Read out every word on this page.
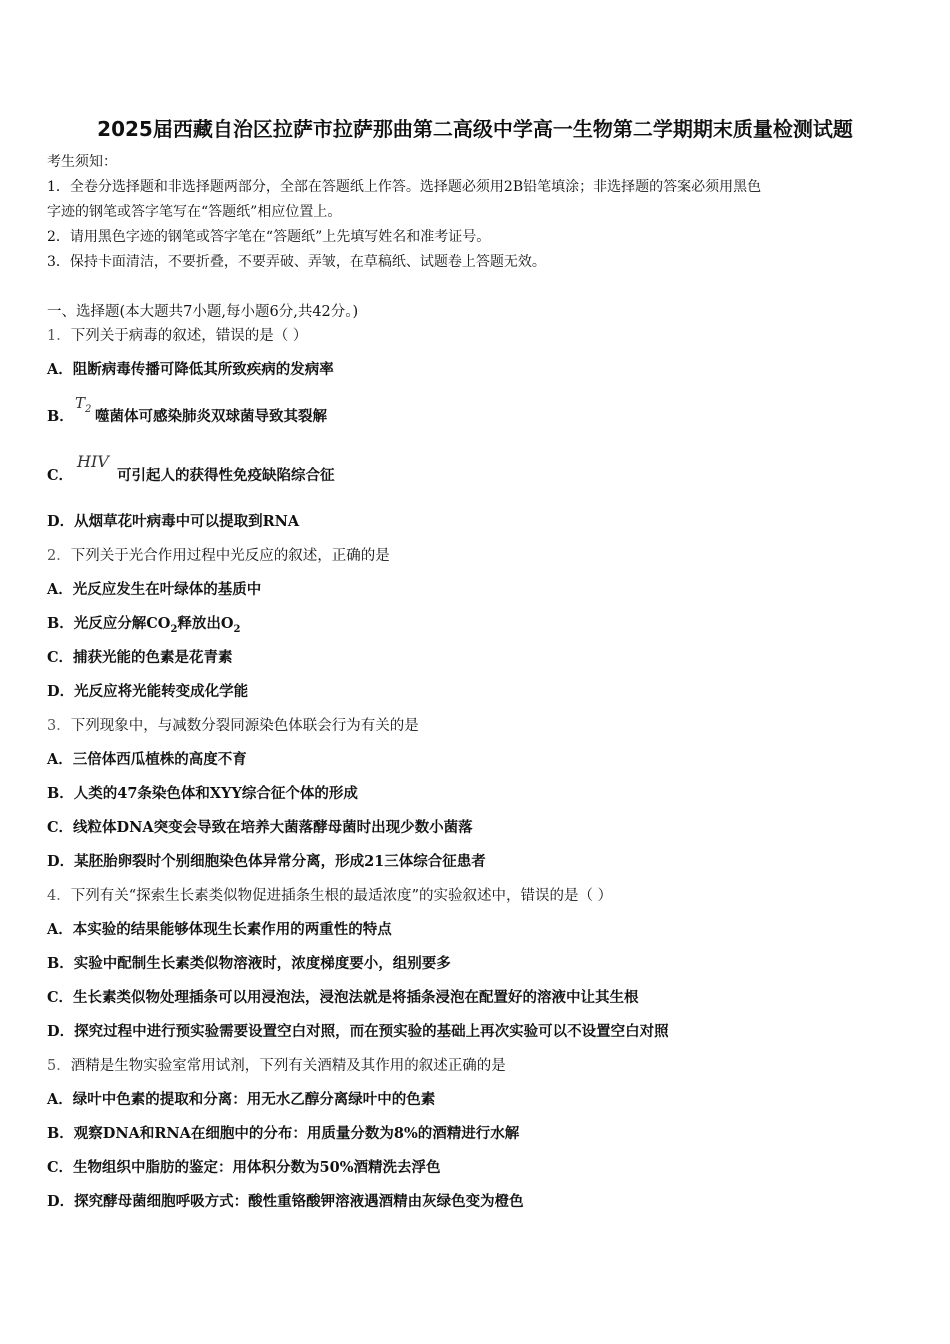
2025届西藏自治区拉萨市拉萨那曲第二高级中学高一生物第二学期期末质量检测试题
考生须知：
1．全卷分选择题和非选择题两部分，全部在答题纸上作答。选择题必须用2B铅笔填涂；非选择题的答案必须用黑色
字迹的钢笔或答字笔写在“答题纸”相应位置上。
2．请用黑色字迹的钢笔或答字笔在“答题纸”上先填写姓名和准考证号。
3．保持卡面清洁，不要折叠，不要弄破、弄皱，在草稿纸、试题卷上答题无效。
一、选择题(本大题共7小题,每小题6分,共42分。)
1．下列关于病毒的叙述，错误的是（ ）
A．阻断病毒传播可降低其所致疾病的发病率
B．
$T_2$ 噬菌体可感染肺炎双球菌导致其裂解
C．
HIV
可引起人的获得性免疫缺陷综合征
D．从烟草花叶病毒中可以提取到RNA
2．下列关于光合作用过程中光反应的叙述，正确的是
A．光反应发生在叶绿体的基质中
B．光反应分解$CO_2$释放出$O_2$
C．捕获光能的色素是花青素
D．光反应将光能转变成化学能
3．下列现象中，与减数分裂同源染色体联会行为有关的是
A．三倍体西瓜植株的高度不育
B．人类的47条染色体和XYY综合征个体的形成
C．线粒体DNA突变会导致在培养大菌落酵母菌时出现少数小菌落
D．某胚胎卵裂时个别细胞染色体异常分离，形成21三体综合征患者
4．下列有关“探索生长素类似物促进插条生根的最适浓度”的实验叙述中，错误的是（ ）
A．本实验的结果能够体现生长素作用的两重性的特点
B．实验中配制生长素类似物溶液时，浓度梯度要小，组别要多
C．生长素类似物处理插条可以用浸泡法，浸泡法就是将插条浸泡在配置好的溶液中让其生根
D．探究过程中进行预实验需要设置空白对照，而在预实验的基础上再次实验可以不设置空白对照
5．酒精是生物实验室常用试剂，下列有关酒精及其作用的叙述正确的是
A．绿叶中色素的提取和分离：用无水乙醇分离绿叶中的色素
B．观察DNA和RNA在细胞中的分布：用质量分数为8%的酒精进行水解
C．生物组织中脂肪的鉴定：用体积分数为50%酒精洗去浮色
D．探究酵母菌细胞呼吸方式：酸性重铬酸钾溶液遇酒精由灰绿色变为橙色
